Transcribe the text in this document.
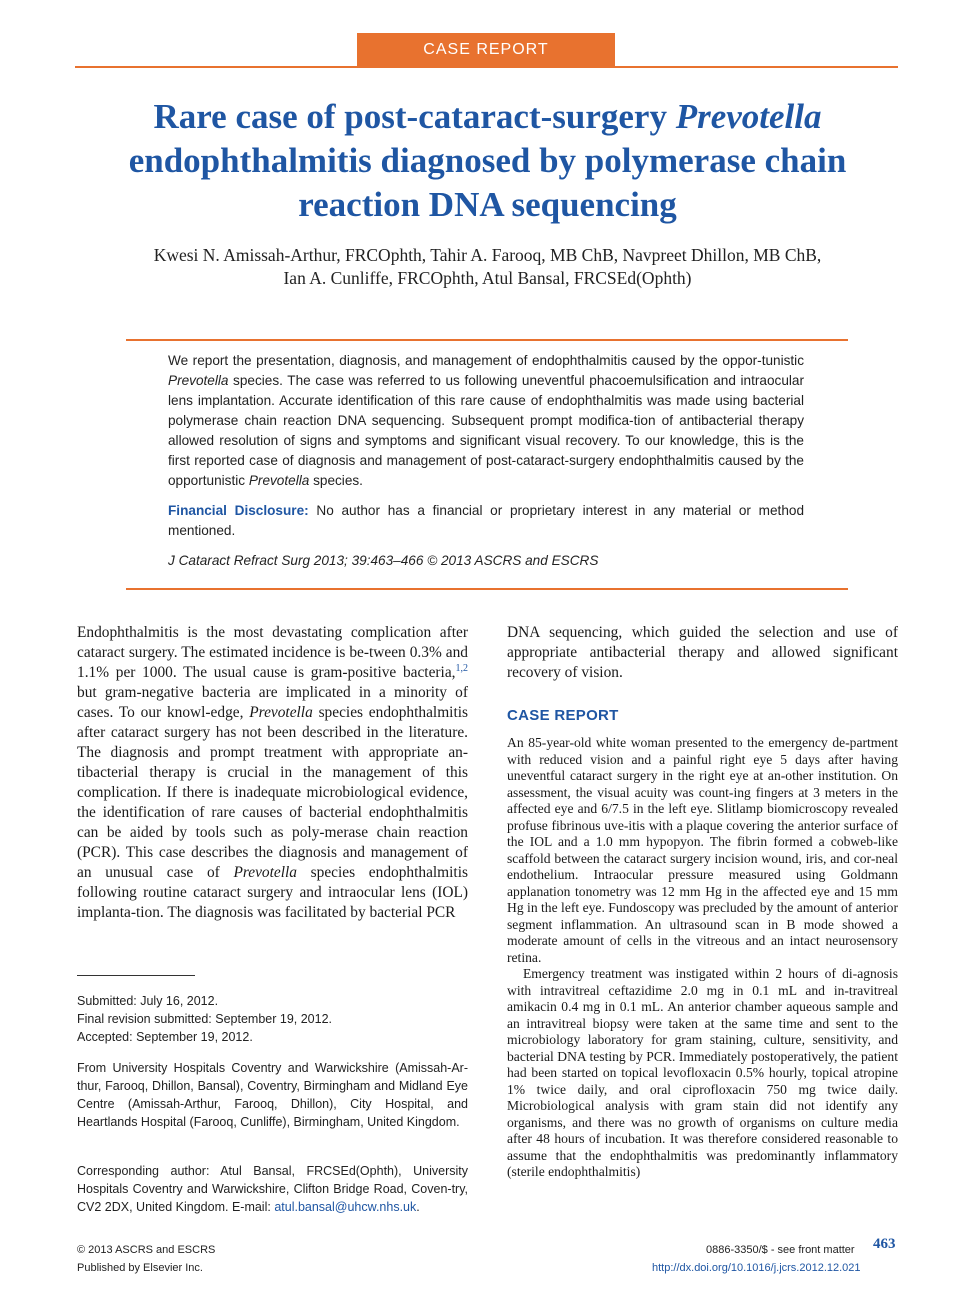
CASE REPORT
Rare case of post-cataract-surgery Prevotella endophthalmitis diagnosed by polymerase chain reaction DNA sequencing
Kwesi N. Amissah-Arthur, FRCOphth, Tahir A. Farooq, MB ChB, Navpreet Dhillon, MB ChB,
Ian A. Cunliffe, FRCOphth, Atul Bansal, FRCSEd(Ophth)
We report the presentation, diagnosis, and management of endophthalmitis caused by the oppor-tunistic Prevotella species. The case was referred to us following uneventful phacoemulsification and intraocular lens implantation. Accurate identification of this rare cause of endophthalmitis was made using bacterial polymerase chain reaction DNA sequencing. Subsequent prompt modifica-tion of antibacterial therapy allowed resolution of signs and symptoms and significant visual recovery. To our knowledge, this is the first reported case of diagnosis and management of post-cataract-surgery endophthalmitis caused by the opportunistic Prevotella species.
Financial Disclosure: No author has a financial or proprietary interest in any material or method mentioned.
J Cataract Refract Surg 2013; 39:463–466 © 2013 ASCRS and ESCRS
Endophthalmitis is the most devastating complication after cataract surgery. The estimated incidence is be-tween 0.3% and 1.1% per 1000. The usual cause is gram-positive bacteria,$^{1,2}$ but gram-negative bacteria are implicated in a minority of cases. To our knowl-edge, Prevotella species endophthalmitis after cataract surgery has not been described in the literature. The diagnosis and prompt treatment with appropriate an-tibacterial therapy is crucial in the management of this complication. If there is inadequate microbiological evidence, the identification of rare causes of bacterial endophthalmitis can be aided by tools such as poly-merase chain reaction (PCR). This case describes the diagnosis and management of an unusual case of Prevotella species endophthalmitis following routine cataract surgery and intraocular lens (IOL) implanta-tion. The diagnosis was facilitated by bacterial PCR
DNA sequencing, which guided the selection and use of appropriate antibacterial therapy and allowed significant recovery of vision.
CASE REPORT

An 85-year-old white woman presented to the emergency de-partment with reduced vision and a painful right eye 5 days after having uneventful cataract surgery in the right eye at an-other institution. On assessment, the visual acuity was count-ing fingers at 3 meters in the affected eye and 6/7.5 in the left eye. Slitlamp biomicroscopy revealed profuse fibrinous uve-itis with a plaque covering the anterior surface of the IOL and a 1.0 mm hypopyon. The fibrin formed a cobweb-like scaffold between the cataract surgery incision wound, iris, and cor-neal endothelium. Intraocular pressure measured using Goldmann applanation tonometry was 12 mm Hg in the affected eye and 15 mm Hg in the left eye. Fundoscopy was precluded by the amount of anterior segment inflammation. An ultrasound scan in B mode showed a moderate amount of cells in the vitreous and an intact neurosensory retina.

Emergency treatment was instigated within 2 hours of di-agnosis with intravitreal ceftazidime 2.0 mg in 0.1 mL and in-travitreal amikacin 0.4 mg in 0.1 mL. An anterior chamber aqueous sample and an intravitreal biopsy were taken at the same time and sent to the microbiology laboratory for gram staining, culture, sensitivity, and bacterial DNA testing by PCR. Immediately postoperatively, the patient had been started on topical levofloxacin 0.5% hourly, topical atropine 1% twice daily, and oral ciprofloxacin 750 mg twice daily. Microbiological analysis with gram stain did not identify any organisms, and there was no growth of organisms on culture media after 48 hours of incubation. It was therefore considered reasonable to assume that the endophthalmitis was predominantly inflammatory (sterile endophthalmitis)

Submitted: July 16, 2012.

Final revision submitted: September 19, 2012.

Accepted: September 19, 2012.

From University Hospitals Coventry and Warwickshire (Amissah-Ar-thur, Farooq, Dhillon, Bansal), Coventry, Birmingham and Midland Eye Centre (Amissah-Arthur, Farooq, Dhillon), City Hospital, and Heartlands Hospital (Farooq, Cunliffe), Birmingham, United Kingdom.
Corresponding author: Atul Bansal, FRCSEd(Ophth), University Hospitals Coventry and Warwickshire, Clifton Bridge Road, Coven-try, CV2 2DX, United Kingdom. E-mail: atul.bansal@uhcw.nhs.uk.
© 2013 ASCRS and ESCRS
Published by Elsevier Inc.
0886-3350/$ - see front matter 463
http://dx.doi.org/10.1016/j.jcrs.2012.12.021
